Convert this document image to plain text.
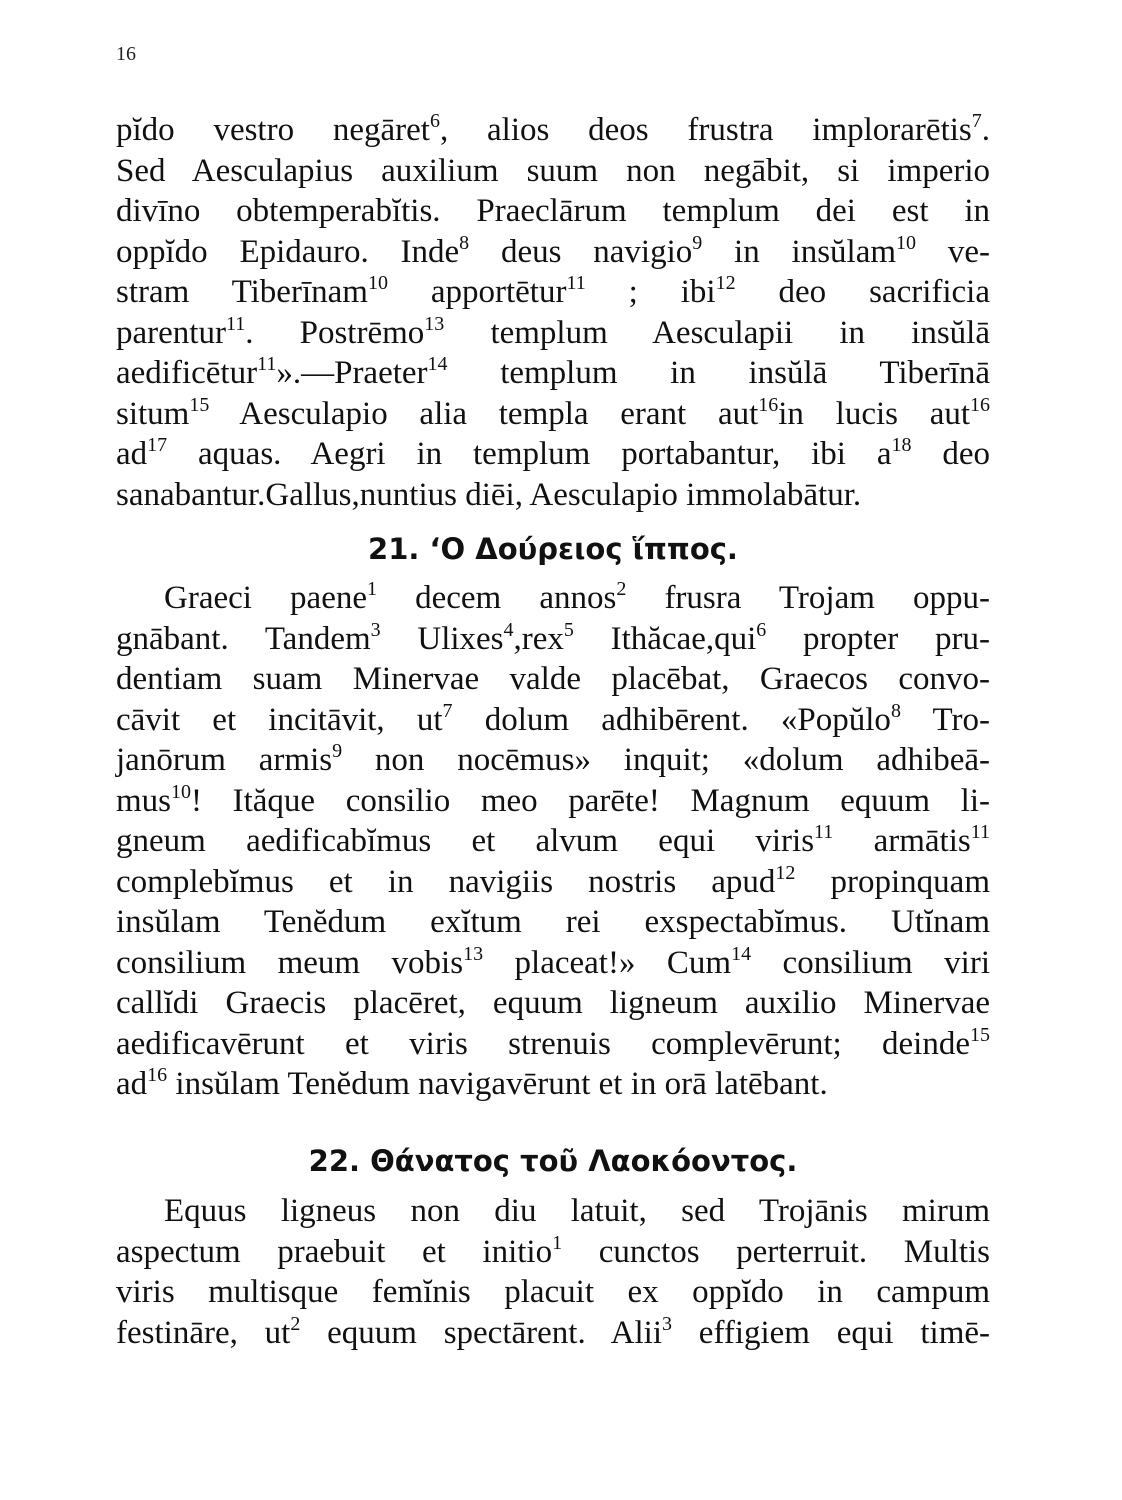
16
pĭdo vestro negāret$^6$, alios deos frustra implorarētis$^7$.
Sed Aesculapius auxilium suum non negābit, si imperio
divīno obtemperabĭtis. Praeclārum templum dei est in
oppĭdo Epidauro. Inde$^8$ deus navigio$^9$ in insŭlam$^{10}$ ve-
stram Tiberīnam$^{10}$ apportētur$^{11}$ ; ibi$^{12}$ deo sacrificia
parentur$^{11}$. Postrēmo$^{13}$ templum Aesculapii in insŭlā
aedificētur$^{11}$».—Praeter$^{14}$ templum in insŭlā Tiberīnā
situm$^{15}$ Aesculapio alia templa erant aut$^{16}$in lucis aut$^{16}$
$ad^{17}$ aquas. Aegri in templum portabantur, ibi $a^{18}$ deo
sanabantur.Gallus,nuntius diēi, Aesculapio immolabātur.
21. ‘Ο Δούρειος ἵππος.
Graeci paene$^1$ decem annos$^2$ frusra Trojam oppu-
gnābant. Tandem$^3$ Ulixes$^4$,rex$^5$ Ithăcae,qui$^6$ propter pru-
dentiam suam Minervae valde placēbat, Graecos convo-
cāvit et incitāvit, $ut^7$ dolum adhibērent. «Popŭlo$^8$ Tro-
janōrum armis$^9$ non nocēmus» inquit; «dolum adhibeā-
mus$^{10}$! Ităque consilio meo parēte! Magnum equum li-
gneum aedificabĭmus et alvum equi viris$^{11}$ armātis$^{11}$
complebĭmus et in navigiis nostris apud$^{12}$ propinquam
insŭlam Tenĕdum exĭtum rei exspectabĭmus. Utĭnam
consilium meum vobis$^{13}$ placeat!» Cum$^{14}$ consilium viri
callĭdi Graecis placēret, equum ligneum auxilio Minervae
aedificavērunt et viris strenuis complevērunt; deinde$^{15}$
$ad^{16}$ insŭlam Tenĕdum navigavērunt et in orā latēbant.
22. Θάνατος τοῦ Λαοκόοντος.
Equus ligneus non diu latuit, sed Trojānis mirum
aspectum praebuit et initio$^1$ cunctos perterruit. Multis
viris multisque femĭnis placuit ex oppĭdo in campum
festināre, $ut^2$ equum spectārent. Alii$^3$ effigiem equi timē-
